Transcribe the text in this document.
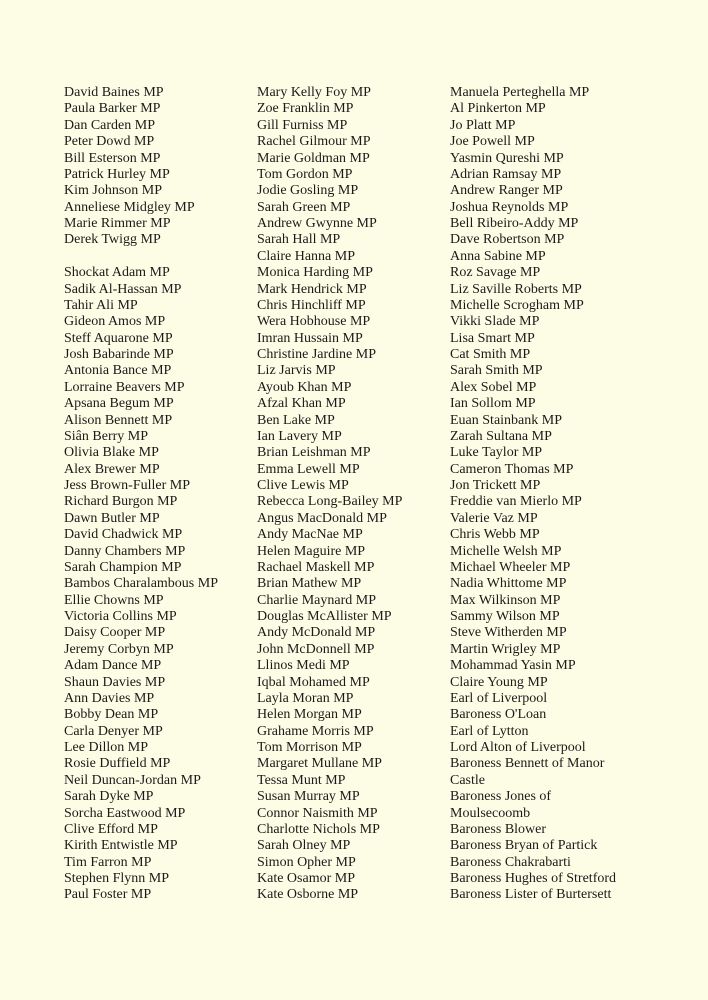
David Baines MP
Paula Barker MP
Dan Carden MP
Peter Dowd MP
Bill Esterson MP
Patrick Hurley MP
Kim Johnson MP
Anneliese Midgley MP
Marie Rimmer MP
Derek Twigg MP
Shockat Adam MP
Sadik Al-Hassan MP
Tahir Ali MP
Gideon Amos MP
Steff Aquarone MP
Josh Babarinde MP
Antonia Bance MP
Lorraine Beavers MP
Apsana Begum MP
Alison Bennett MP
Siân Berry MP
Olivia Blake MP
Alex Brewer MP
Jess Brown-Fuller MP
Richard Burgon MP
Dawn Butler MP
David Chadwick MP
Danny Chambers MP
Sarah Champion MP
Bambos Charalambous MP
Ellie Chowns MP
Victoria Collins MP
Daisy Cooper MP
Jeremy Corbyn MP
Adam Dance MP
Shaun Davies MP
Ann Davies MP
Bobby Dean MP
Carla Denyer MP
Lee Dillon MP
Rosie Duffield MP
Neil Duncan-Jordan MP
Sarah Dyke MP
Sorcha Eastwood MP
Clive Efford MP
Kirith Entwistle MP
Tim Farron MP
Stephen Flynn MP
Paul Foster MP
Mary Kelly Foy MP
Zoe Franklin MP
Gill Furniss MP
Rachel Gilmour MP
Marie Goldman MP
Tom Gordon MP
Jodie Gosling MP
Sarah Green MP
Andrew Gwynne MP
Sarah Hall MP
Claire Hanna MP
Monica Harding MP
Mark Hendrick MP
Chris Hinchliff MP
Wera Hobhouse MP
Imran Hussain MP
Christine Jardine MP
Liz Jarvis MP
Ayoub Khan MP
Afzal Khan MP
Ben Lake MP
Ian Lavery MP
Brian Leishman MP
Emma Lewell MP
Clive Lewis MP
Rebecca Long-Bailey MP
Angus MacDonald MP
Andy MacNae MP
Helen Maguire MP
Rachael Maskell MP
Brian Mathew MP
Charlie Maynard MP
Douglas McAllister MP
Andy McDonald MP
John McDonnell MP
Llinos Medi MP
Iqbal Mohamed MP
Layla Moran MP
Helen Morgan MP
Grahame Morris MP
Tom Morrison MP
Margaret Mullane MP
Tessa Munt MP
Susan Murray MP
Connor Naismith MP
Charlotte Nichols MP
Sarah Olney MP
Simon Opher MP
Kate Osamor MP
Kate Osborne MP
Manuela Perteghella MP
Al Pinkerton MP
Jo Platt MP
Joe Powell MP
Yasmin Qureshi MP
Adrian Ramsay MP
Andrew Ranger MP
Joshua Reynolds MP
Bell Ribeiro-Addy MP
Dave Robertson MP
Anna Sabine MP
Roz Savage MP
Liz Saville Roberts MP
Michelle Scrogham MP
Vikki Slade MP
Lisa Smart MP
Cat Smith MP
Sarah Smith MP
Alex Sobel MP
Ian Sollom MP
Euan Stainbank MP
Zarah Sultana MP
Luke Taylor MP
Cameron Thomas MP
Jon Trickett MP
Freddie van Mierlo MP
Valerie Vaz MP
Chris Webb MP
Michelle Welsh MP
Michael Wheeler MP
Nadia Whittome MP
Max Wilkinson MP
Sammy Wilson MP
Steve Witherden MP
Martin Wrigley MP
Mohammad Yasin MP
Claire Young MP
Earl of Liverpool
Baroness O'Loan
Earl of Lytton
Lord Alton of Liverpool
Baroness Bennett of Manor
Castle
Baroness Jones of
Moulsecoomb
Baroness Blower
Baroness Bryan of Partick
Baroness Chakrabarti
Baroness Hughes of Stretford
Baroness Lister of Burtersett
